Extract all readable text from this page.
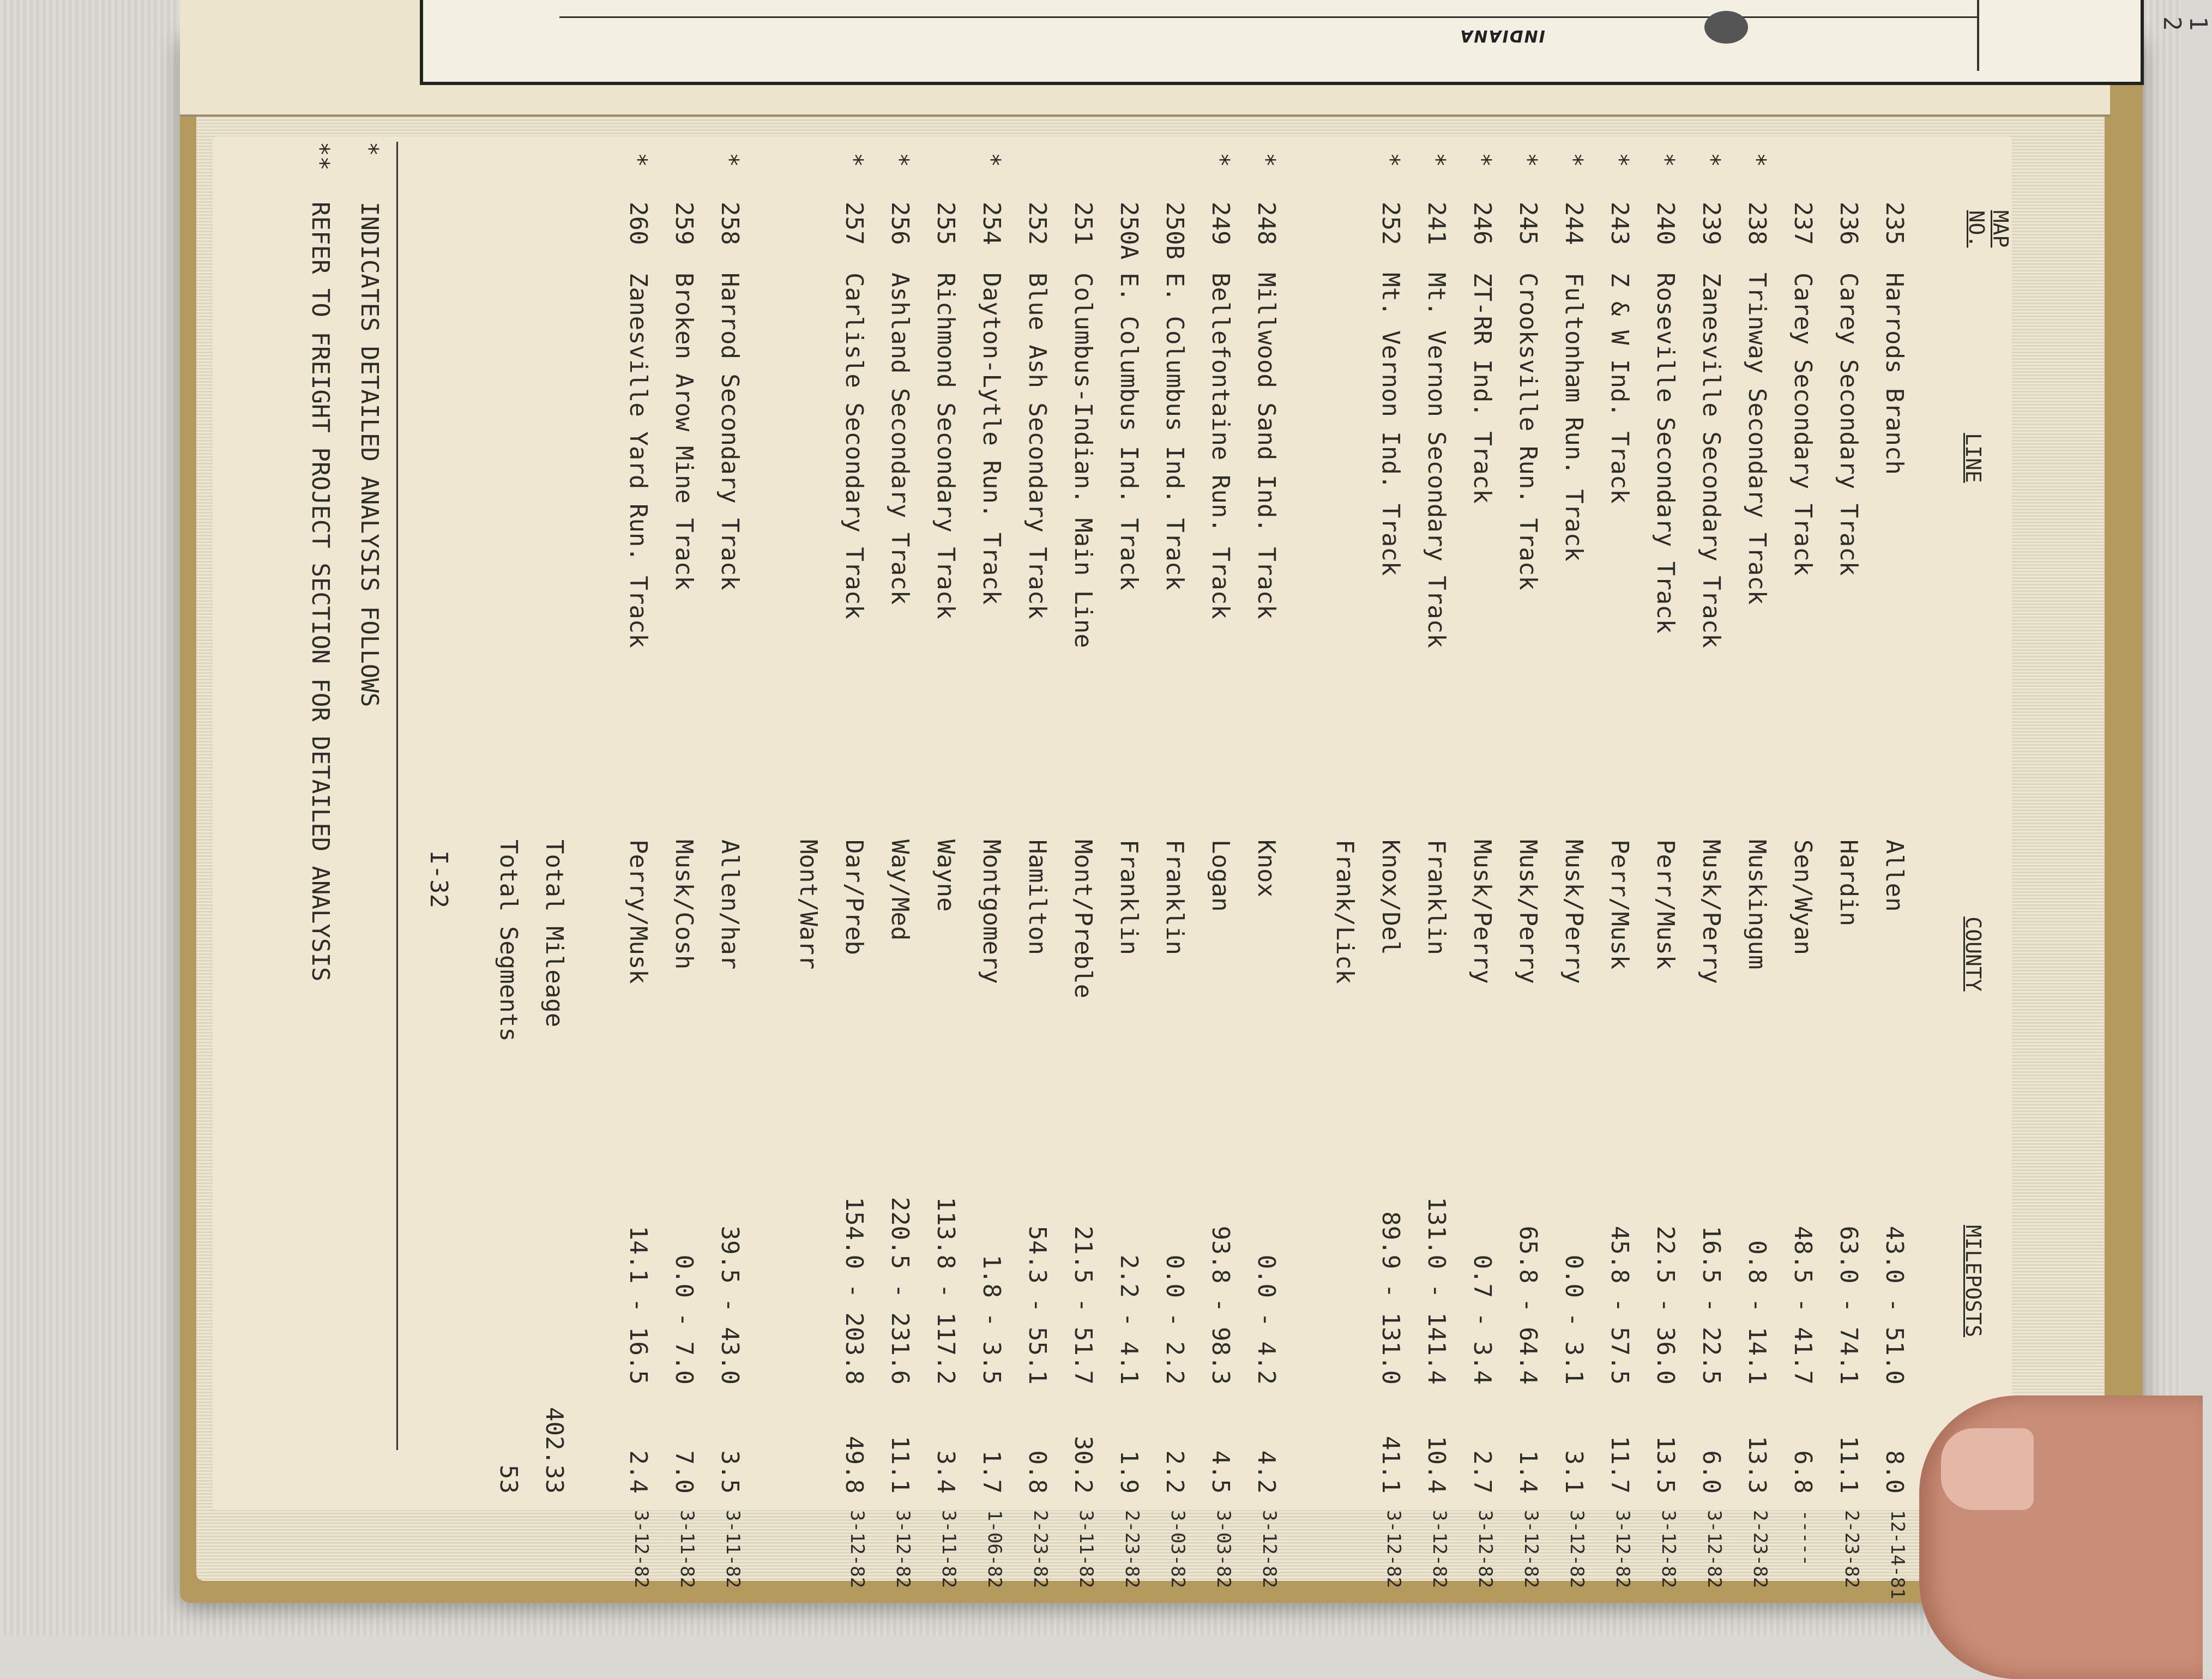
INDIANA
1 2
MAP
NO.
LINE
COUNTY
MILEPOSTS
235
Harrods Branch
Allen
43.0 - 51.0
8.0
12-14-81
236
Carey Secondary Track
Hardin
63.0 - 74.1
11.1
2-23-82
237
Carey Secondary Track
Sen/Wyan
48.5 - 41.7
6.8
-----
*
238
Trinway Secondary Track
Muskingum
0.8 - 14.1
13.3
2-23-82
*
239
Zanesville Secondary Track
Musk/Perry
16.5 - 22.5
6.0
3-12-82
*
240
Roseville Secondary Track
Perr/Musk
22.5 - 36.0
13.5
3-12-82
*
243
Z & W Ind. Track
Perr/Musk
45.8 - 57.5
11.7
3-12-82
*
244
Fultonham Run. Track
Musk/Perry
0.0 - 3.1
3.1
3-12-82
*
245
Crooksville Run. Track
Musk/Perry
65.8 - 64.4
1.4
3-12-82
*
246
ZT-RR Ind. Track
Musk/Perry
0.7 - 3.4
2.7
3-12-82
*
241
Mt. Vernon Secondary Track
Franklin
131.0 - 141.4
10.4
3-12-82
*
252
Mt. Vernon Ind. Track
Knox/Del
89.9 - 131.0
41.1
3-12-82
Frank/Lick
*
248
Millwood Sand Ind. Track
Knox
0.0 - 4.2
4.2
3-12-82
*
249
Bellefontaine Run. Track
Logan
93.8 - 98.3
4.5
3-03-82
250B
E. Columbus Ind. Track
Franklin
0.0 - 2.2
2.2
3-03-82
250A
E. Columbus Ind. Track
Franklin
2.2 - 4.1
1.9
2-23-82
251
Columbus-Indian. Main Line
Mont/Preble
21.5 - 51.7
30.2
3-11-82
252
Blue Ash Secondary Track
Hamilton
54.3 - 55.1
0.8
2-23-82
*
254
Dayton-Lytle Run. Track
Montgomery
1.8 - 3.5
1.7
1-06-82
255
Richmond Secondary Track
Wayne
113.8 - 117.2
3.4
3-11-82
*
256
Ashland Secondary Track
Way/Med
220.5 - 231.6
11.1
3-12-82
*
257
Carlisle Secondary Track
Dar/Preb
154.0 - 203.8
49.8
3-12-82
Mont/Warr
*
258
Harrod Secondary Track
Allen/har
39.5 - 43.0
3.5
3-11-82
259
Broken Arow Mine Track
Musk/Cosh
0.0 - 7.0
7.0
3-11-82
*
260
Zanesville Yard Run. Track
Perry/Musk
14.1 - 16.5
2.4
3-12-82
Total Mileage
402.33
Total Segments
53
I-32
*
INDICATES DETAILED ANALYSIS FOLLOWS
**
REFER TO FREIGHT PROJECT SECTION FOR DETAILED ANALYSIS
